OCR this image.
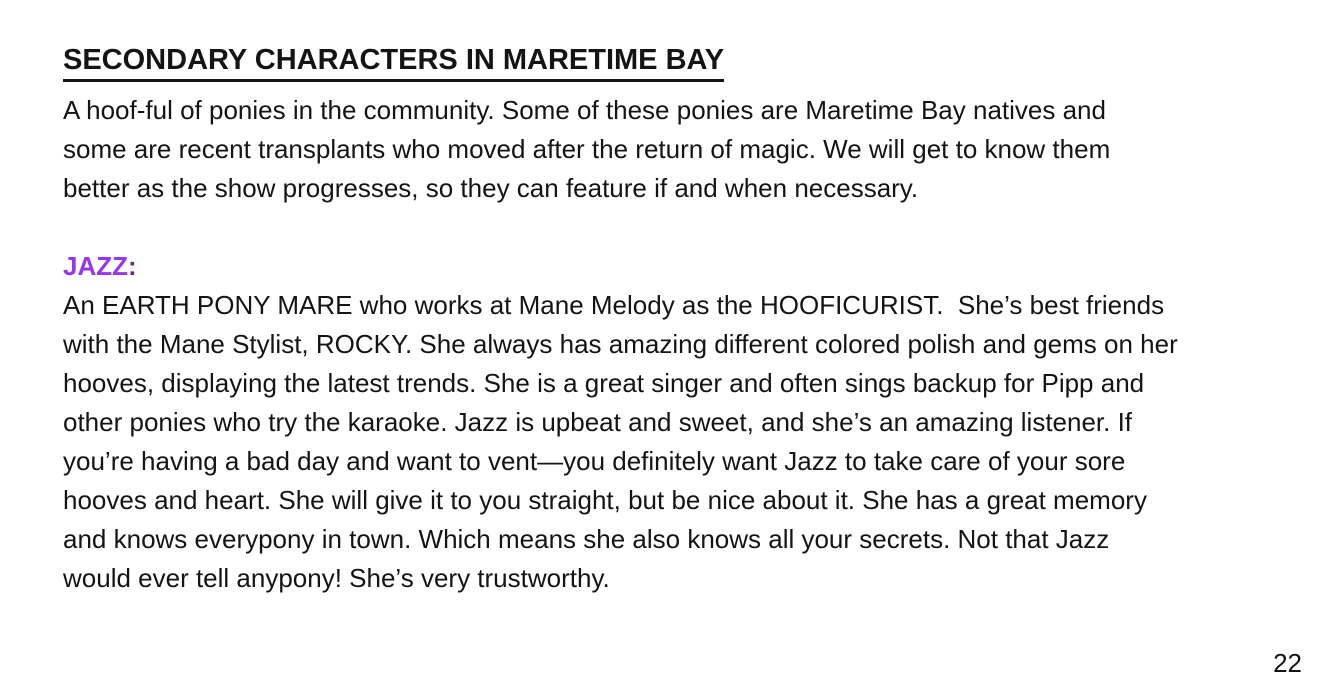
SECONDARY CHARACTERS IN MARETIME BAY
A hoof-ful of ponies in the community. Some of these ponies are Maretime Bay natives and
some are recent transplants who moved after the return of magic. We will get to know them
better as the show progresses, so they can feature if and when necessary.
JAZZ:
An EARTH PONY MARE who works at Mane Melody as the HOOFICURIST.  She’s best friends
with the Mane Stylist, ROCKY. She always has amazing different colored polish and gems on her
hooves, displaying the latest trends. She is a great singer and often sings backup for Pipp and
other ponies who try the karaoke. Jazz is upbeat and sweet, and she’s an amazing listener. If
you’re having a bad day and want to vent—you definitely want Jazz to take care of your sore
hooves and heart. She will give it to you straight, but be nice about it. She has a great memory
and knows everypony in town. Which means she also knows all your secrets. Not that Jazz
would ever tell anypony! She’s very trustworthy.
22
